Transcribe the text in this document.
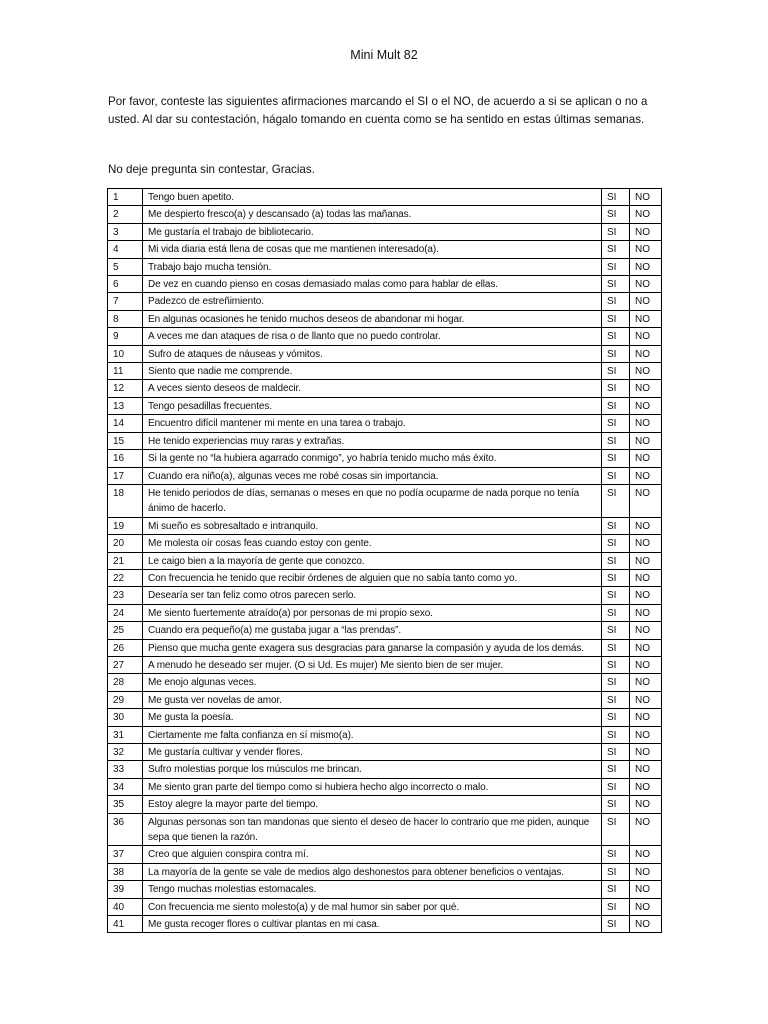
Mini Mult 82
Por favor, conteste las siguientes afirmaciones marcando el SI o el NO, de acuerdo a si se aplican o no a usted. Al dar su contestación, hágalo tomando en cuenta como se ha sentido en estas últimas semanas.
No deje pregunta sin contestar, Gracias.
1	Tengo buen apetito.	SI	NO
2	Me despierto fresco(a) y descansado (a) todas las mañanas.	SI	NO
3	Me gustaría el trabajo de bibliotecario.	SI	NO
4	Mi vida diaria está llena de cosas que me mantienen interesado(a).	SI	NO
5	Trabajo bajo mucha tensión.	SI	NO
6	De vez en cuando pienso en cosas demasiado malas como para hablar de ellas.	SI	NO
7	Padezco de estreñimiento.	SI	NO
8	En algunas ocasiones he tenido muchos deseos de abandonar mi hogar.	SI	NO
9	A veces me dan ataques de risa o de llanto que no puedo controlar.	SI	NO
10	Sufro de ataques de náuseas y vómitos.	SI	NO
11	Siento que nadie me comprende.	SI	NO
12	A veces siento deseos de maldecir.	SI	NO
13	Tengo pesadillas frecuentes.	SI	NO
14	Encuentro difícil mantener mi mente en una tarea o trabajo.	SI	NO
15	He tenido experiencias muy raras y extrañas.	SI	NO
16	Si la gente no “la hubiera agarrado conmigo”, yo habría tenido mucho más éxito.	SI	NO
17	Cuando era niño(a), algunas veces me robé cosas sin importancia.	SI	NO
18	He tenido periodos de días, semanas o meses en que no podía ocuparme de nada porque no tenía ánimo de hacerlo.	SI	NO
19	Mi sueño es sobresaltado e intranquilo.	SI	NO
20	Me molesta oír cosas feas cuando estoy con gente.	SI	NO
21	Le caigo bien a la mayoría de gente que conozco.	SI	NO
22	Con frecuencia he tenido que recibir órdenes de alguien que no sabía tanto como yo.	SI	NO
23	Desearía ser tan feliz como otros parecen serlo.	SI	NO
24	Me siento fuertemente atraído(a) por personas de mi propio sexo.	SI	NO
25	Cuando era pequeño(a) me gustaba jugar a “las prendas”.	SI	NO
26	Pienso que mucha gente exagera sus desgracias para ganarse la compasión y ayuda de los demás.	SI	NO
27	A menudo he deseado ser mujer. (O si Ud. Es mujer) Me siento bien de ser mujer.	SI	NO
28	Me enojo algunas veces.	SI	NO
29	Me gusta ver novelas de amor.	SI	NO
30	Me gusta la poesía.	SI	NO
31	Ciertamente me falta confianza en sí mismo(a).	SI	NO
32	Me gustaría cultivar y vender flores.	SI	NO
33	Sufro molestias porque los músculos me brincan.	SI	NO
34	Me siento gran parte del tiempo como si hubiera hecho algo incorrecto o malo.	SI	NO
35	Estoy alegre la mayor parte del tiempo.	SI	NO
36	Algunas personas son tan mandonas que siento el deseo de hacer lo contrario que me piden, aunque sepa que tienen la razón.	SI	NO
37	Creo que alguien conspira contra mí.	SI	NO
38	La mayoría de la gente se vale de medios algo deshonestos para obtener beneficios o ventajas.	SI	NO
39	Tengo muchas molestias estomacales.	SI	NO
40	Con frecuencia me siento molesto(a) y de mal humor sin saber por qué.	SI	NO
41	Me gusta recoger flores o cultivar plantas en mi casa.	SI	NO
